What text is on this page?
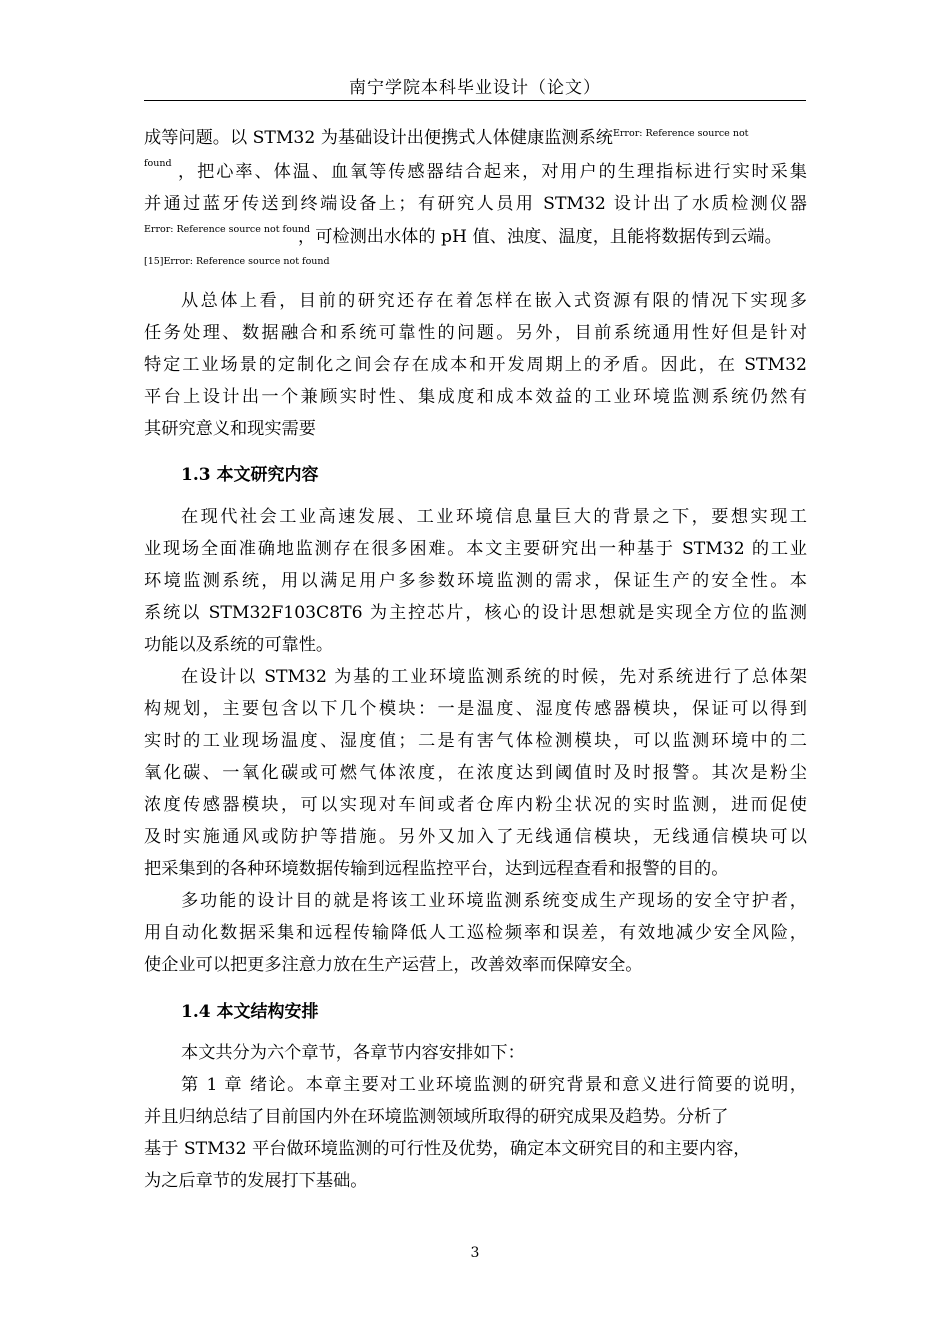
南宁学院本科毕业设计（论文）
成等问题。以 STM32 为基础设计出便携式人体健康监测系统$^{Error: Reference source not}$
found ，把心率、体温、血氧等传感器结合起来，对用户的生理指标进行实时采集
并通过蓝牙传送到终端设备上；有研究人员用 STM32 设计出了水质检测仪器
Error: Reference source not found
，可检测出水体的 pH 值、浊度、温度，且能将数据传到云端。
[15]Error: Reference source not found
从总体上看，目前的研究还存在着怎样在嵌入式资源有限的情况下实现多
任务处理、数据融合和系统可靠性的问题。另外，目前系统通用性好但是针对
特定工业场景的定制化之间会存在成本和开发周期上的矛盾。因此，在 STM32
平台上设计出一个兼顾实时性、集成度和成本效益的工业环境监测系统仍然有
其研究意义和现实需要
1.3 本文研究内容
在现代社会工业高速发展、工业环境信息量巨大的背景之下，要想实现工
业现场全面准确地监测存在很多困难。本文主要研究出一种基于 STM32 的工业
环境监测系统，用以满足用户多参数环境监测的需求，保证生产的安全性。本
系统以 STM32F103C8T6 为主控芯片，核心的设计思想就是实现全方位的监测
功能以及系统的可靠性。
在设计以 STM32 为基的工业环境监测系统的时候，先对系统进行了总体架
构规划，主要包含以下几个模块：一是温度、湿度传感器模块，保证可以得到
实时的工业现场温度、湿度值；二是有害气体检测模块，可以监测环境中的二
氧化碳、一氧化碳或可燃气体浓度，在浓度达到阈值时及时报警。其次是粉尘
浓度传感器模块，可以实现对车间或者仓库内粉尘状况的实时监测，进而促使
及时实施通风或防护等措施。另外又加入了无线通信模块，无线通信模块可以
把采集到的各种环境数据传输到远程监控平台，达到远程查看和报警的目的。
多功能的设计目的就是将该工业环境监测系统变成生产现场的安全守护者，
用自动化数据采集和远程传输降低人工巡检频率和误差，有效地减少安全风险，
使企业可以把更多注意力放在生产运营上，改善效率而保障安全。
1.4 本文结构安排
本文共分为六个章节，各章节内容安排如下：
第 1 章 绪论。本章主要对工业环境监测的研究背景和意义进行简要的说明，
并且归纳总结了目前国内外在环境监测领域所取得的研究成果及趋势。分析了
基于 STM32 平台做环境监测的可行性及优势，确定本文研究目的和主要内容，
为之后章节的发展打下基础。
3
